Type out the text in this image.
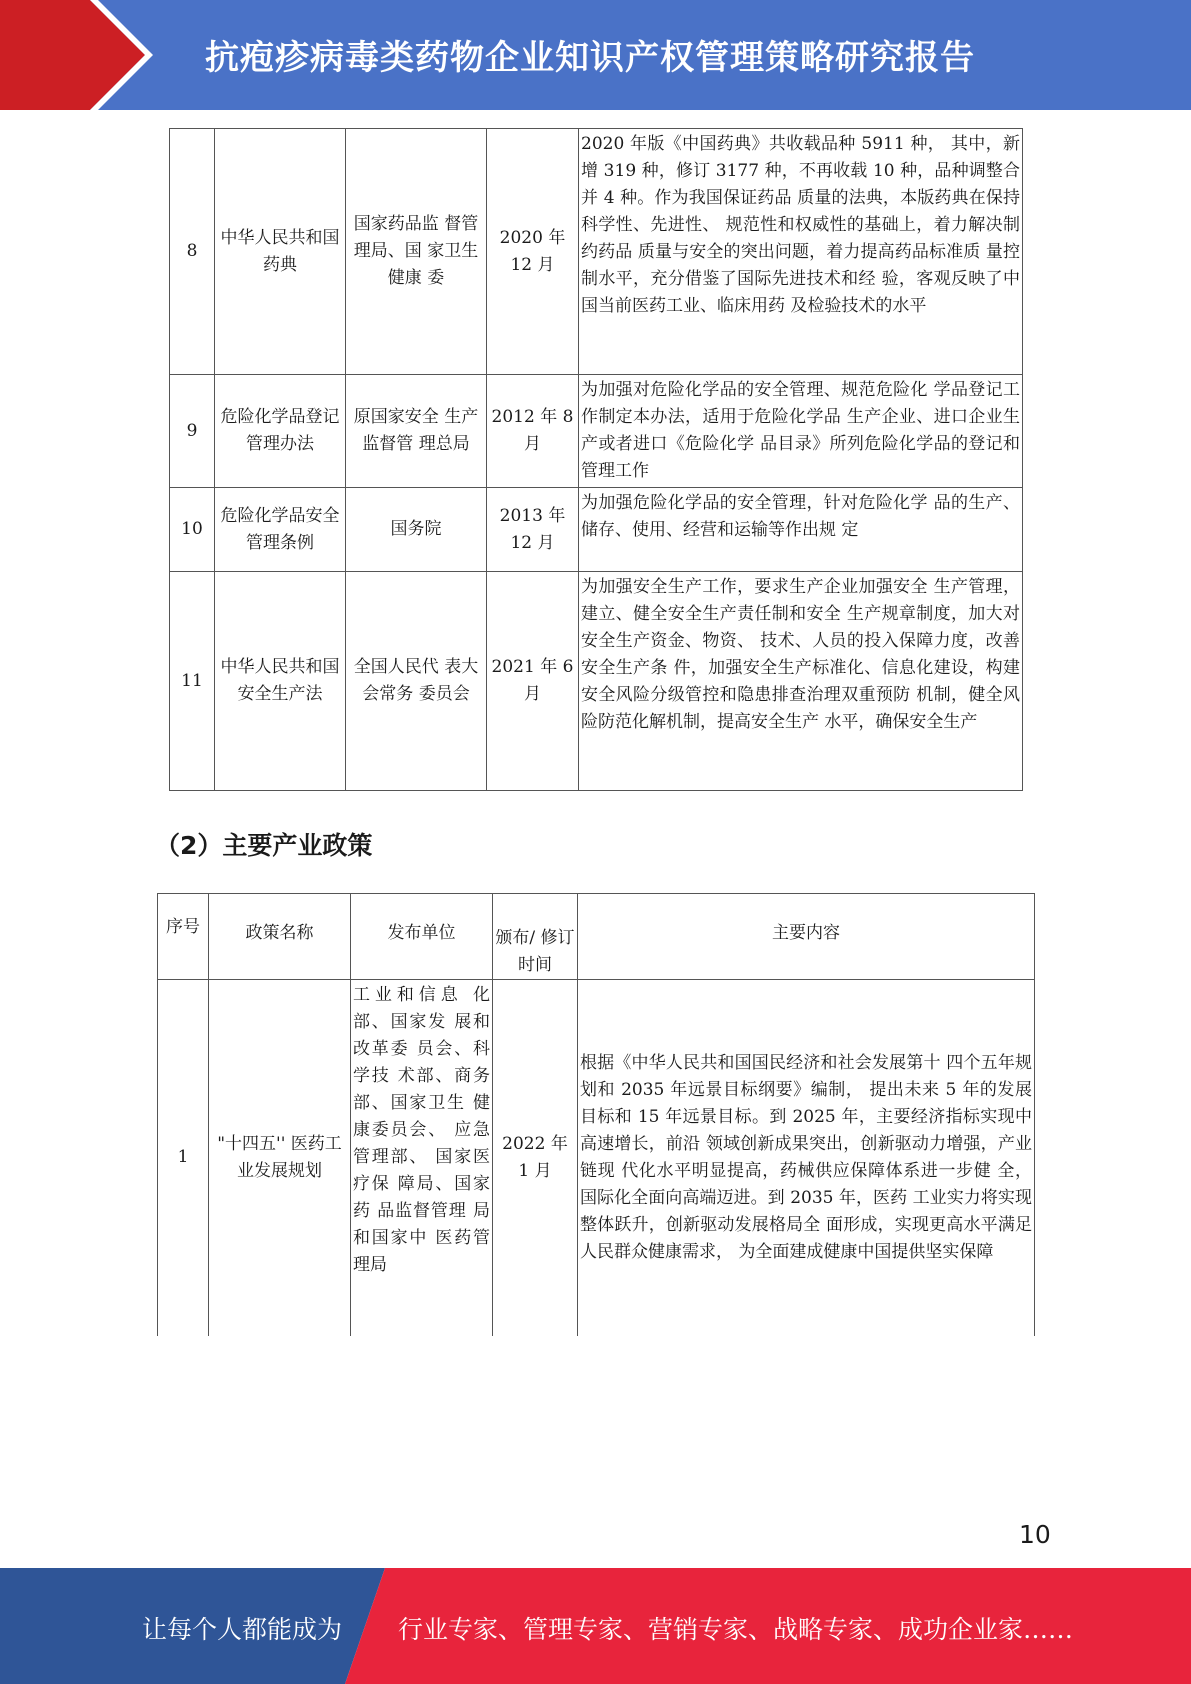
抗疱疹病毒类药物企业知识产权管理策略研究报告
8	中华人民共和国药典	国家药品监 督管理局、国 家卫生健康 委	2020 年 12 月	2020 年版《中国药典》共收载品种 5911 种， 其中，新增 319 种，修订 3177 种，不再收载 10 种，品种调整合并 4 种。作为我国保证药品 质量的法典，本版药典在保持科学性、先进性、 规范性和权威性的基础上，着力解决制约药品 质量与安全的突出问题，着力提高药品标准质 量控制水平，充分借鉴了国际先进技术和经 验，客观反映了中国当前医药工业、临床用药 及检验技术的水平
9	危险化学品登记管理办法	原国家安全 生产监督管 理总局	2012 年 8 月	为加强对危险化学品的安全管理、规范危险化 学品登记工作制定本办法，适用于危险化学品 生产企业、进口企业生产或者进口《危险化学 品目录》所列危险化学品的登记和管理工作
10	危险化学品安全管理条例	国务院	2013 年 12 月	为加强危险化学品的安全管理，针对危险化学 品的生产、储存、使用、经营和运输等作出规 定
11	中华人民共和国安全生产法	全国人民代 表大会常务 委员会	2021 年 6 月	为加强安全生产工作，要求生产企业加强安全 生产管理，建立、健全安全生产责任制和安全 生产规章制度，加大对安全生产资金、物资、 技术、人员的投入保障力度，改善安全生产条 件，加强安全生产标准化、信息化建设，构建 安全风险分级管控和隐患排查治理双重预防 机制，健全风险防范化解机制，提高安全生产 水平，确保安全生产
（2）主要产业政策
序号	政策名称	发布单位	颁布/ 修订 时间	主要内容
1	"十四五'' 医药工业发展规划	工业和信息 化部、国家发 展和改革委 员会、科学技 术部、商务 部、国家卫生 健康委员会、 应急管理部、 国家医疗保 障局、国家药 品监督管理 局和国家中 医药管理局	2022 年 1 月	根据《中华人民共和国国民经济和社会发展第十 四个五年规划和 2035 年远景目标纲要》编制， 提出未来 5 年的发展目标和 15 年远景目标。到 2025 年，主要经济指标实现中高速增长，前沿 领域创新成果突出，创新驱动力增强，产业链现 代化水平明显提高，药械供应保障体系进一步健 全，国际化全面向高端迈进。到 2035 年，医药 工业实力将实现整体跃升，创新驱动发展格局全 面形成，实现更高水平满足人民群众健康需求， 为全面建成健康中国提供坚实保障
10
让每个人都能成为 行业专家、管理专家、营销专家、战略专家、成功企业家……
